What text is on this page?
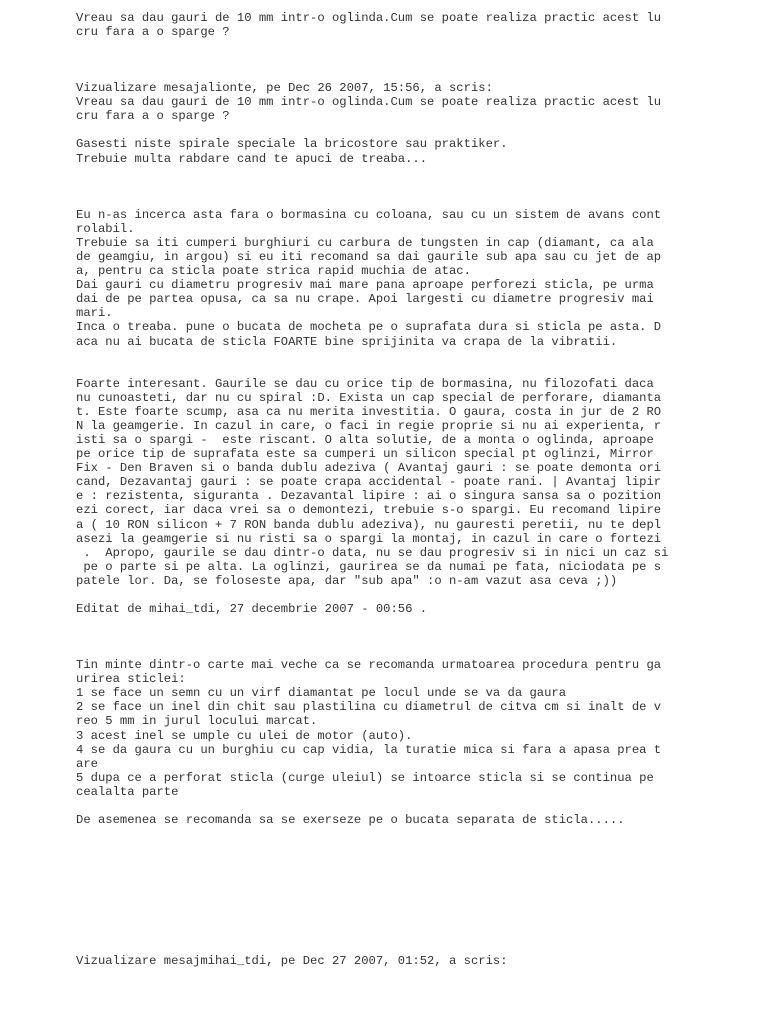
Vreau sa dau gauri de 10 mm intr-o oglinda.Cum se poate realiza practic acest lu
cru fara a o sparge ?
Vizualizare mesajalionte, pe Dec 26 2007, 15:56, a scris:
Vreau sa dau gauri de 10 mm intr-o oglinda.Cum se poate realiza practic acest lu
cru fara a o sparge ?
Gasesti niste spirale speciale la bricostore sau praktiker.
Trebuie multa rabdare cand te apuci de treaba...
Eu n-as incerca asta fara o bormasina cu coloana, sau cu un sistem de avans cont
rolabil.
Trebuie sa iti cumperi burghiuri cu carbura de tungsten in cap (diamant, ca ala
de geamgiu, in argou) si eu iti recomand sa dai gaurile sub apa sau cu jet de ap
a, pentru ca sticla poate strica rapid muchia de atac.
Dai gauri cu diametru progresiv mai mare pana aproape perforezi sticla, pe urma
dai de pe partea opusa, ca sa nu crape. Apoi largesti cu diametre progresiv mai
mari.
Inca o treaba. pune o bucata de mocheta pe o suprafata dura si sticla pe asta. D
aca nu ai bucata de sticla FOARTE bine sprijinita va crapa de la vibratii.
Foarte interesant. Gaurile se dau cu orice tip de bormasina, nu filozofati daca
nu cunoasteti, dar nu cu spiral :D. Exista un cap special de perforare, diamanta
t. Este foarte scump, asa ca nu merita investitia. O gaura, costa in jur de 2 RO
N la geamgerie. In cazul in care, o faci in regie proprie si nu ai experienta, r
isti sa o spargi -  este riscant. O alta solutie, de a monta o oglinda, aproape
pe orice tip de suprafata este sa cumperi un silicon special pt oglinzi, Mirror
Fix - Den Braven si o banda dublu adeziva ( Avantaj gauri : se poate demonta ori
cand, Dezavantaj gauri : se poate crapa accidental - poate rani. | Avantaj lipir
e : rezistenta, siguranta . Dezavantal lipire : ai o singura sansa sa o pozition
ezi corect, iar daca vrei sa o demontezi, trebuie s-o spargi. Eu recomand lipire
a ( 10 RON silicon + 7 RON banda dublu adeziva), nu gauresti peretii, nu te depl
asezi la geamgerie si nu risti sa o spargi la montaj, in cazul in care o fortezi
.  Apropo, gaurile se dau dintr-o data, nu se dau progresiv si in nici un caz si
pe o parte si pe alta. La oglinzi, gaurirea se da numai pe fata, niciodata pe s
patele lor. Da, se foloseste apa, dar "sub apa" :o n-am vazut asa ceva ;))
Editat de mihai_tdi, 27 decembrie 2007 - 00:56 .
Tin minte dintr-o carte mai veche ca se recomanda urmatoarea procedura pentru ga
urirea sticlei:
1 se face un semn cu un virf diamantat pe locul unde se va da gaura
2 se face un inel din chit sau plastilina cu diametrul de citva cm si inalt de v
reo 5 mm in jurul locului marcat.
3 acest inel se umple cu ulei de motor (auto).
4 se da gaura cu un burghiu cu cap vidia, la turatie mica si fara a apasa prea t
are
5 dupa ce a perforat sticla (curge uleiul) se intoarce sticla si se continua pe
cealalta parte
De asemenea se recomanda sa se exerseze pe o bucata separata de sticla.....
Vizualizare mesajmihai_tdi, pe Dec 27 2007, 01:52, a scris:
